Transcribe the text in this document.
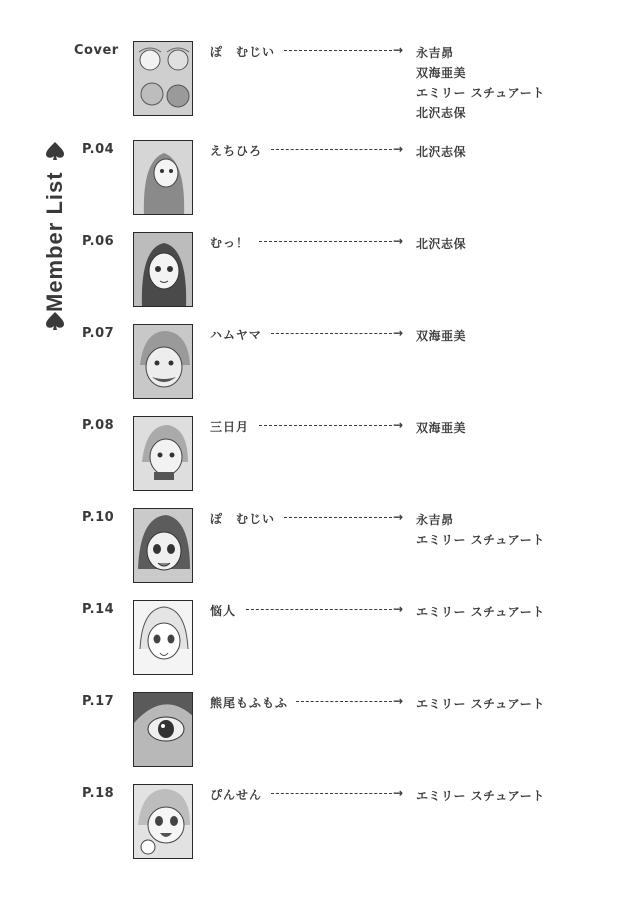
Member List
Cover	ぽ　むじい	→ 永吉昴
双海亜美
エミリー スチュアート
北沢志保
P.04	えちひろ	→ 北沢志保
P.06	むっ！	→ 北沢志保
P.07	ハムヤマ	→ 双海亜美
P.08	三日月	→ 双海亜美
P.10	ぽ　むじい	→ 永吉昴
エミリー スチュアート
P.14	悩人	→ エミリー スチュアート
P.17	熊尾もふもふ	→ エミリー スチュアート
P.18	ぴんせん	→ エミリー スチュアート
